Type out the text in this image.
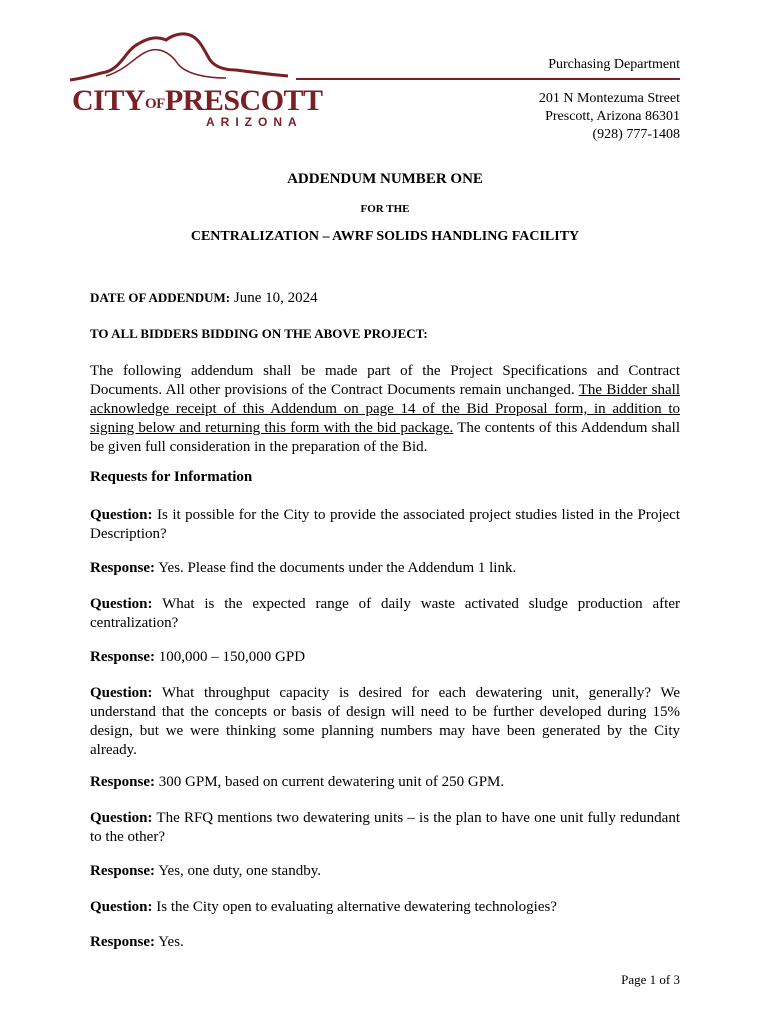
CITYOFPRESCOTT
ARIZONA
Purchasing Department
201 N Montezuma Street
Prescott, Arizona 86301
(928) 777-1408
ADDENDUM NUMBER ONE
FOR THE
CENTRALIZATION – AWRF SOLIDS HANDLING FACILITY
DATE OF ADDENDUM: June 10, 2024
TO ALL BIDDERS BIDDING ON THE ABOVE PROJECT:
The following addendum shall be made part of the Project Specifications and Contract Documents. All other provisions of the Contract Documents remain unchanged. The Bidder shall acknowledge receipt of this Addendum on page 14 of the Bid Proposal form, in addition to signing below and returning this form with the bid package. The contents of this Addendum shall be given full consideration in the preparation of the Bid.
Requests for Information
Question: Is it possible for the City to provide the associated project studies listed in the Project Description?
Response: Yes. Please find the documents under the Addendum 1 link.
Question: What is the expected range of daily waste activated sludge production after centralization?
Response: 100,000 – 150,000 GPD
Question: What throughput capacity is desired for each dewatering unit, generally? We understand that the concepts or basis of design will need to be further developed during 15% design, but we were thinking some planning numbers may have been generated by the City already.
Response: 300 GPM, based on current dewatering unit of 250 GPM.
Question: The RFQ mentions two dewatering units – is the plan to have one unit fully redundant to the other?
Response: Yes, one duty, one standby.
Question: Is the City open to evaluating alternative dewatering technologies?
Response: Yes.
Page 1 of 3
